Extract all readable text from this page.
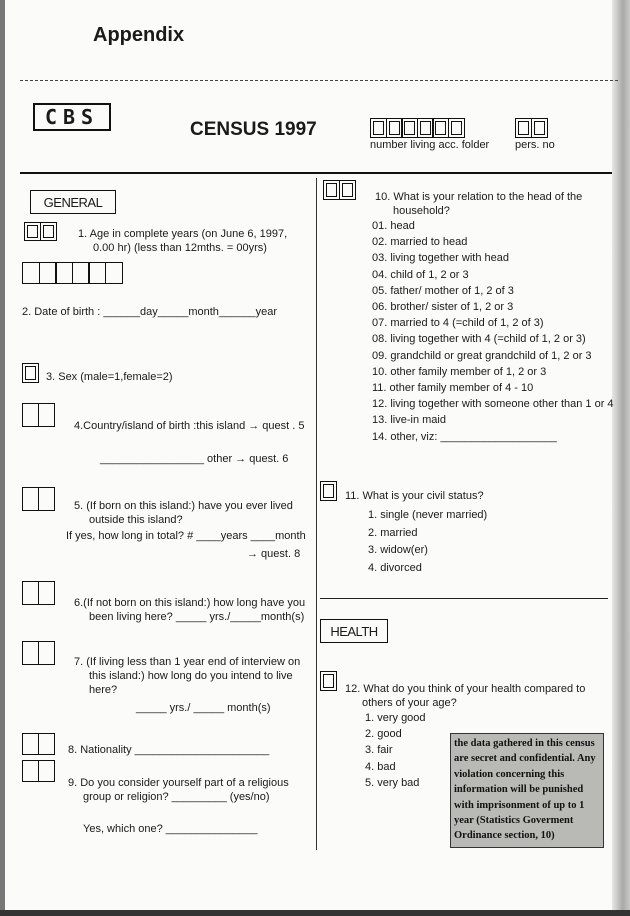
Appendix
CBS
CENSUS 1997
number living acc. folder pers. no
GENERAL
1. Age in complete years (on June 6, 1997,
0.00 hr) (less than 12mths. = 00yrs)
2. Date of birth : ______day_____month______year
3. Sex (male=1,female=2)
4.Country/island of birth :this island → quest . 5
_________________ other → quest. 6
5. (If born on this island:) have you ever lived
outside this island?
If yes, how long in total? # ____years ____month
→ quest. 8
6.(If not born on this island:) how long have you
been living here? _____ yrs./_____month(s)
7. (If living less than 1 year end of interview on
this island:) how long do you intend to live
here?
_____ yrs./ _____ month(s)
8. Nationality ______________________
9. Do you consider yourself part of a religious
group or religion? _________ (yes/no)
Yes, which one? _______________
10. What is your relation to the head of the
household?
01. head
02. married to head
03. living together with head
04. child of 1, 2 or 3
05. father/ mother of 1, 2 of 3
06. brother/ sister of 1, 2 or 3
07. married to 4 (=child of 1, 2 of 3)
08. living together with 4 (=child of 1, 2 or 3)
09. grandchild or great grandchild of 1, 2 or 3
10. other family member of 1, 2 or 3
11. other family member of 4 - 10
12. living together with someone other than 1 or 4
13. live-in maid
14. other, viz: ___________________
11. What is your civil status?
1. single (never married)
2. married
3. widow(er)
4. divorced
HEALTH
12. What do you think of your health compared to
others of your age?
1. very good
2. good
3. fair
4. bad
5. very bad
the data gathered in this census are secret and confidential. Any violation concerning this information will be punished with imprisonment of up to 1 year (Statistics Goverment Ordinance section, 10)
